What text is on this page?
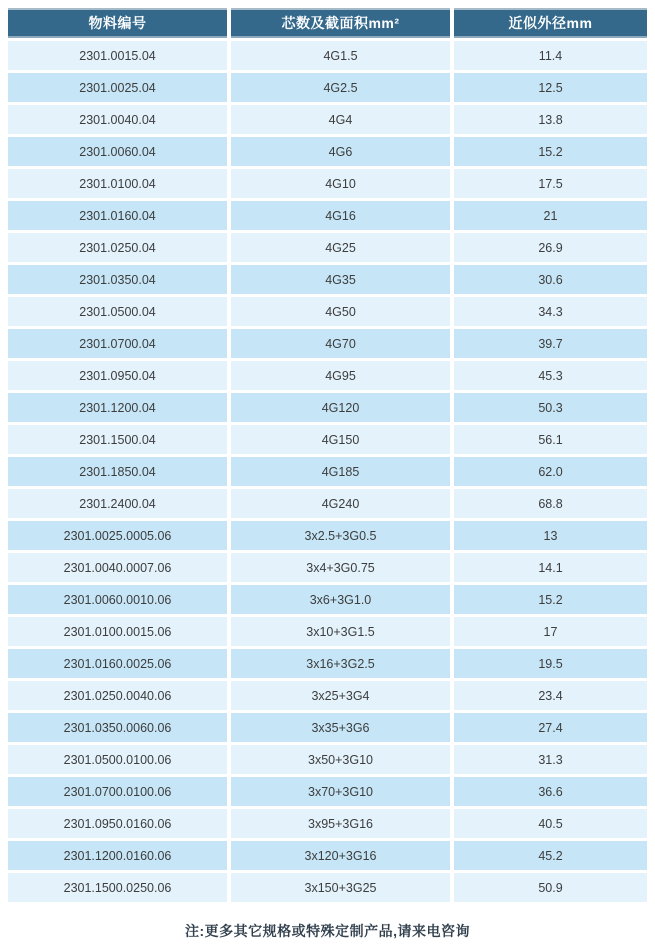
物料编号	芯数及截面积mm²	近似外径mm
2301.0015.04	4G1.5	11.4
2301.0025.04	4G2.5	12.5
2301.0040.04	4G4	13.8
2301.0060.04	4G6	15.2
2301.0100.04	4G10	17.5
2301.0160.04	4G16	21
2301.0250.04	4G25	26.9
2301.0350.04	4G35	30.6
2301.0500.04	4G50	34.3
2301.0700.04	4G70	39.7
2301.0950.04	4G95	45.3
2301.1200.04	4G120	50.3
2301.1500.04	4G150	56.1
2301.1850.04	4G185	62.0
2301.2400.04	4G240	68.8
2301.0025.0005.06	3x2.5+3G0.5	13
2301.0040.0007.06	3x4+3G0.75	14.1
2301.0060.0010.06	3x6+3G1.0	15.2
2301.0100.0015.06	3x10+3G1.5	17
2301.0160.0025.06	3x16+3G2.5	19.5
2301.0250.0040.06	3x25+3G4	23.4
2301.0350.0060.06	3x35+3G6	27.4
2301.0500.0100.06	3x50+3G10	31.3
2301.0700.0100.06	3x70+3G10	36.6
2301.0950.0160.06	3x95+3G16	40.5
2301.1200.0160.06	3x120+3G16	45.2
2301.1500.0250.06	3x150+3G25	50.9
注:更多其它规格或特殊定制产品,请来电咨询
